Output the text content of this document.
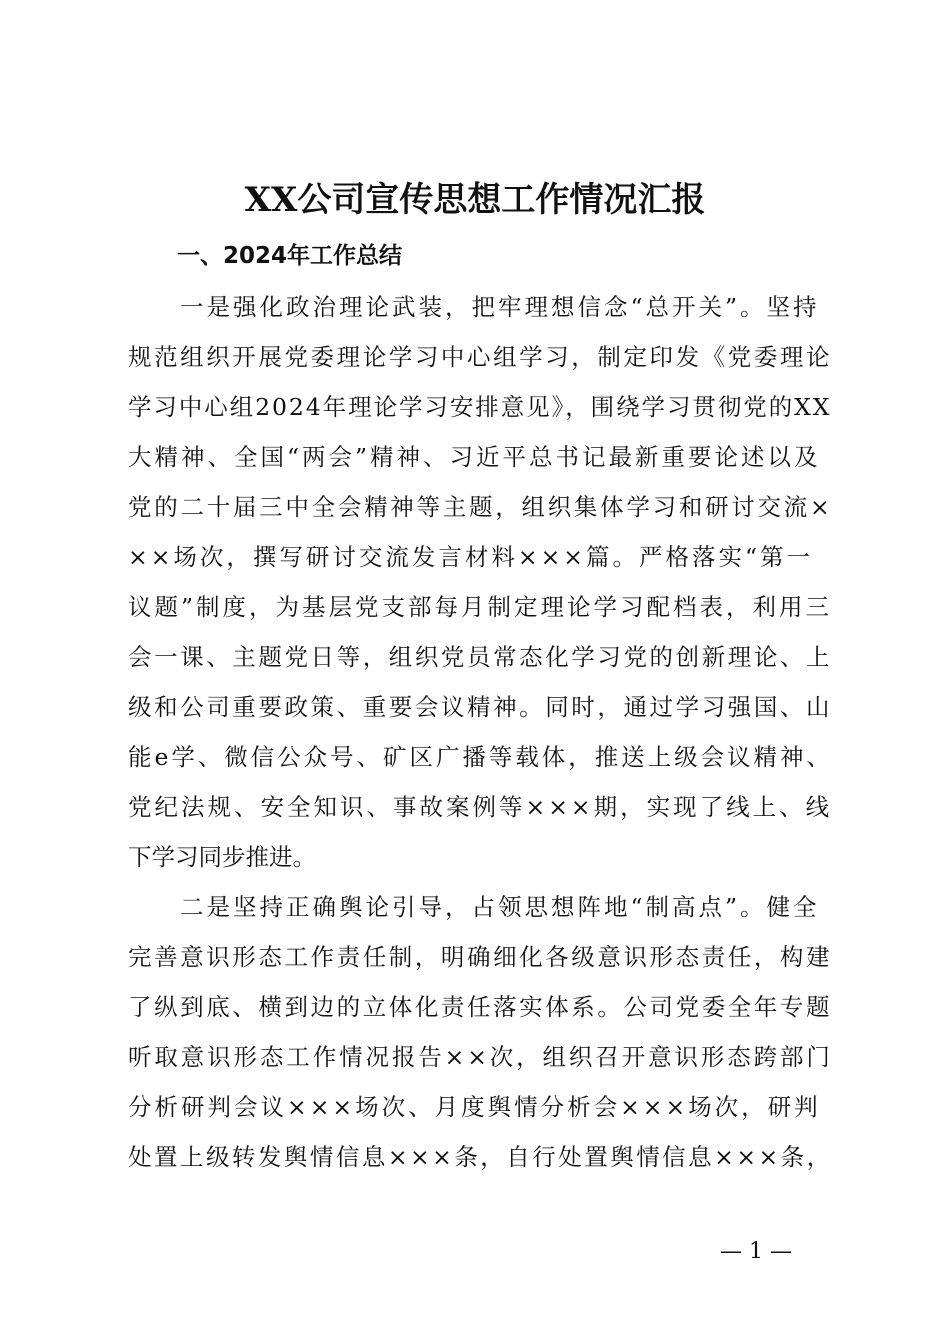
XX公司宣传思想工作情况汇报
一、2024年工作总结
一是强化政治理论武装，把牢理想信念“总开关”。坚持
规范组织开展党委理论学习中心组学习，制定印发《党委理论
学习中心组2024年理论学习安排意见》，围绕学习贯彻党的XX
大精神、全国“两会”精神、习近平总书记最新重要论述以及
党的二十届三中全会精神等主题，组织集体学习和研讨交流×
××场次，撰写研讨交流发言材料×××篇。严格落实“第一
议题”制度，为基层党支部每月制定理论学习配档表，利用三
会一课、主题党日等，组织党员常态化学习党的创新理论、上
级和公司重要政策、重要会议精神。同时，通过学习强国、山
能e学、微信公众号、矿区广播等载体，推送上级会议精神、
党纪法规、安全知识、事故案例等×××期，实现了线上、线
下学习同步推进。
二是坚持正确舆论引导，占领思想阵地“制高点”。健全
完善意识形态工作责任制，明确细化各级意识形态责任，构建
了纵到底、横到边的立体化责任落实体系。公司党委全年专题
听取意识形态工作情况报告××次，组织召开意识形态跨部门
分析研判会议×××场次、月度舆情分析会×××场次，研判
处置上级转发舆情信息×××条，自行处置舆情信息×××条，
— 1 —
